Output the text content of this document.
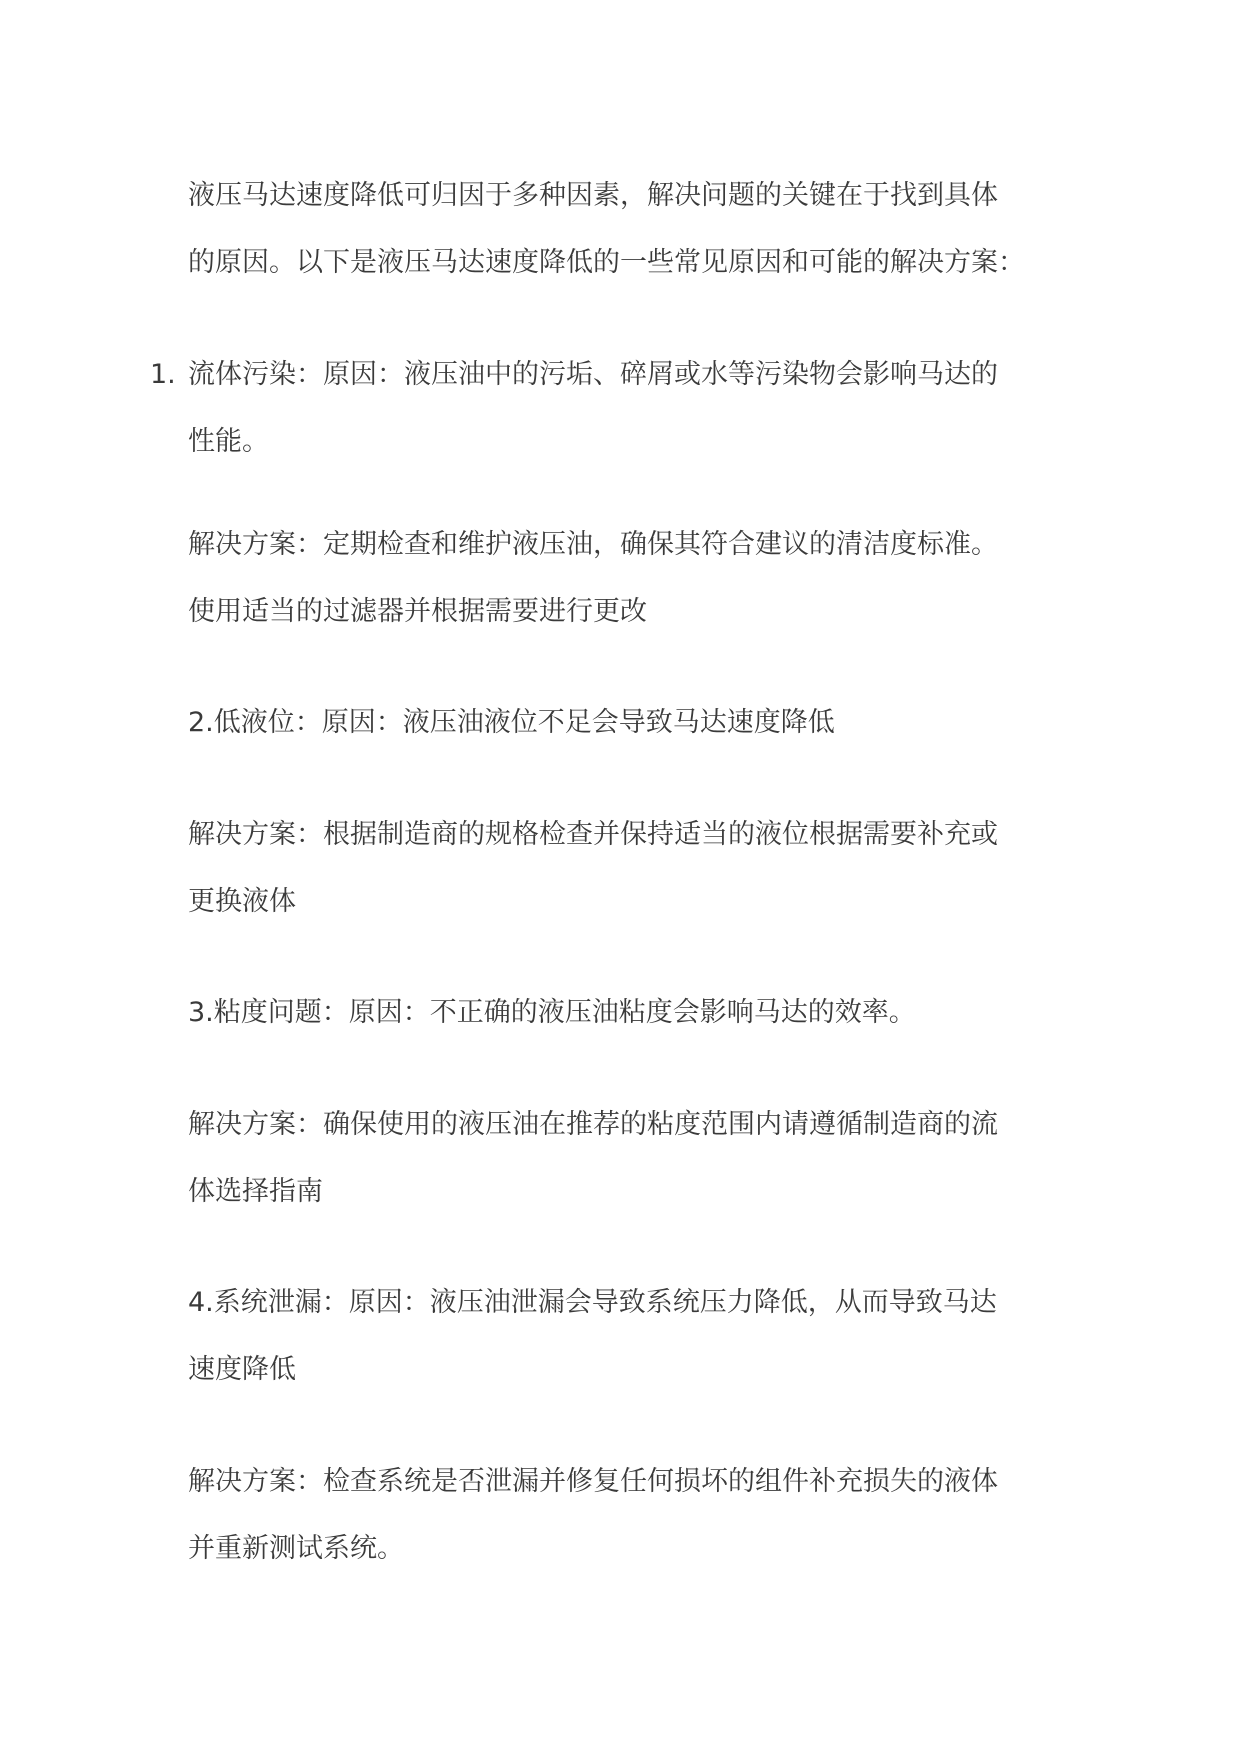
液压马达速度降低可归因于多种因素，解决问题的关键在于找到具体
的原因。以下是液压马达速度降低的一些常见原因和可能的解决方案：
1. 流体污染：原因：液压油中的污垢、碎屑或水等污染物会影响马达的
性能。
解决方案：定期检查和维护液压油，确保其符合建议的清洁度标准。
使用适当的过滤器并根据需要进行更改
2.低液位：原因：液压油液位不足会导致马达速度降低
解决方案：根据制造商的规格检查并保持适当的液位根据需要补充或
更换液体
3.粘度问题：原因：不正确的液压油粘度会影响马达的效率。
解决方案：确保使用的液压油在推荐的粘度范围内请遵循制造商的流
体选择指南
4.系统泄漏：原因：液压油泄漏会导致系统压力降低，从而导致马达
速度降低
解决方案：检查系统是否泄漏并修复任何损坏的组件补充损失的液体
并重新测试系统。
